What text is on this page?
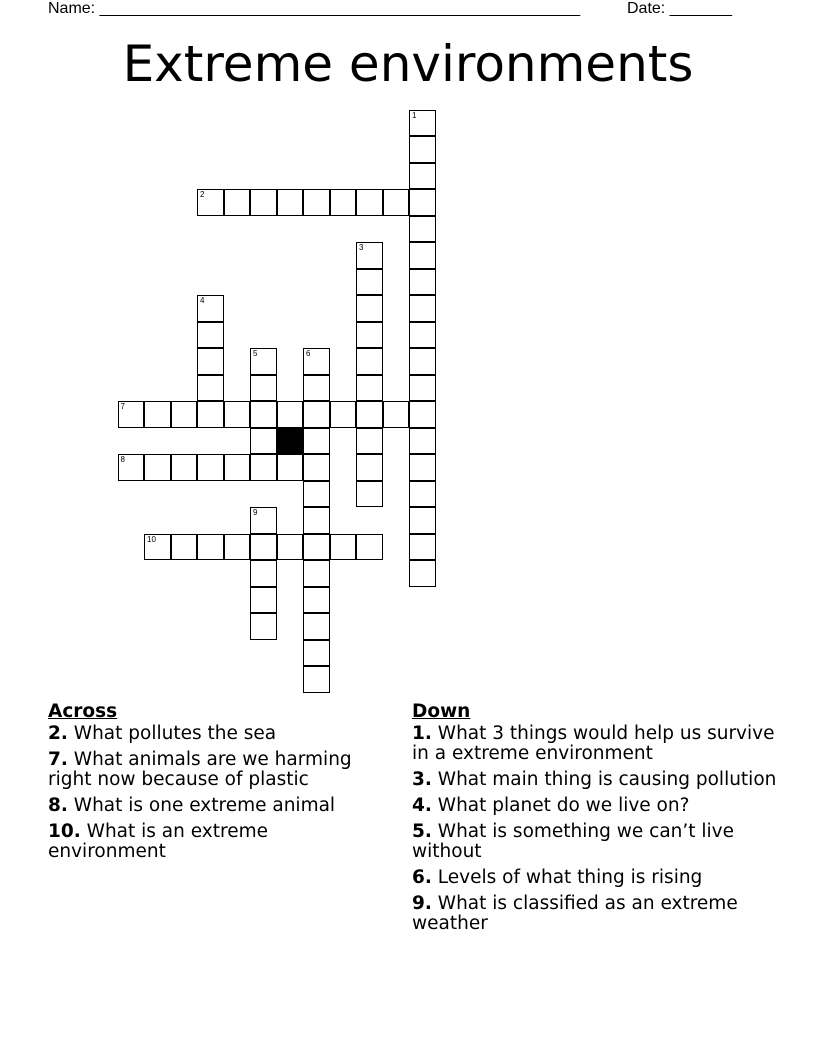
Name: ______________________________________________________	Date: _______
Extreme environments
1
2
3
4
5	6
7
8
9
10
Across
2. What pollutes the sea
7. What animals are we harming right now because of plastic
8. What is one extreme animal
10. What is an extreme environment
Down
1. What 3 things would help us survive in a extreme environment
3. What main thing is causing pollution
4. What planet do we live on?
5. What is something we can’t live without
6. Levels of what thing is rising
9. What is classified as an extreme weather
